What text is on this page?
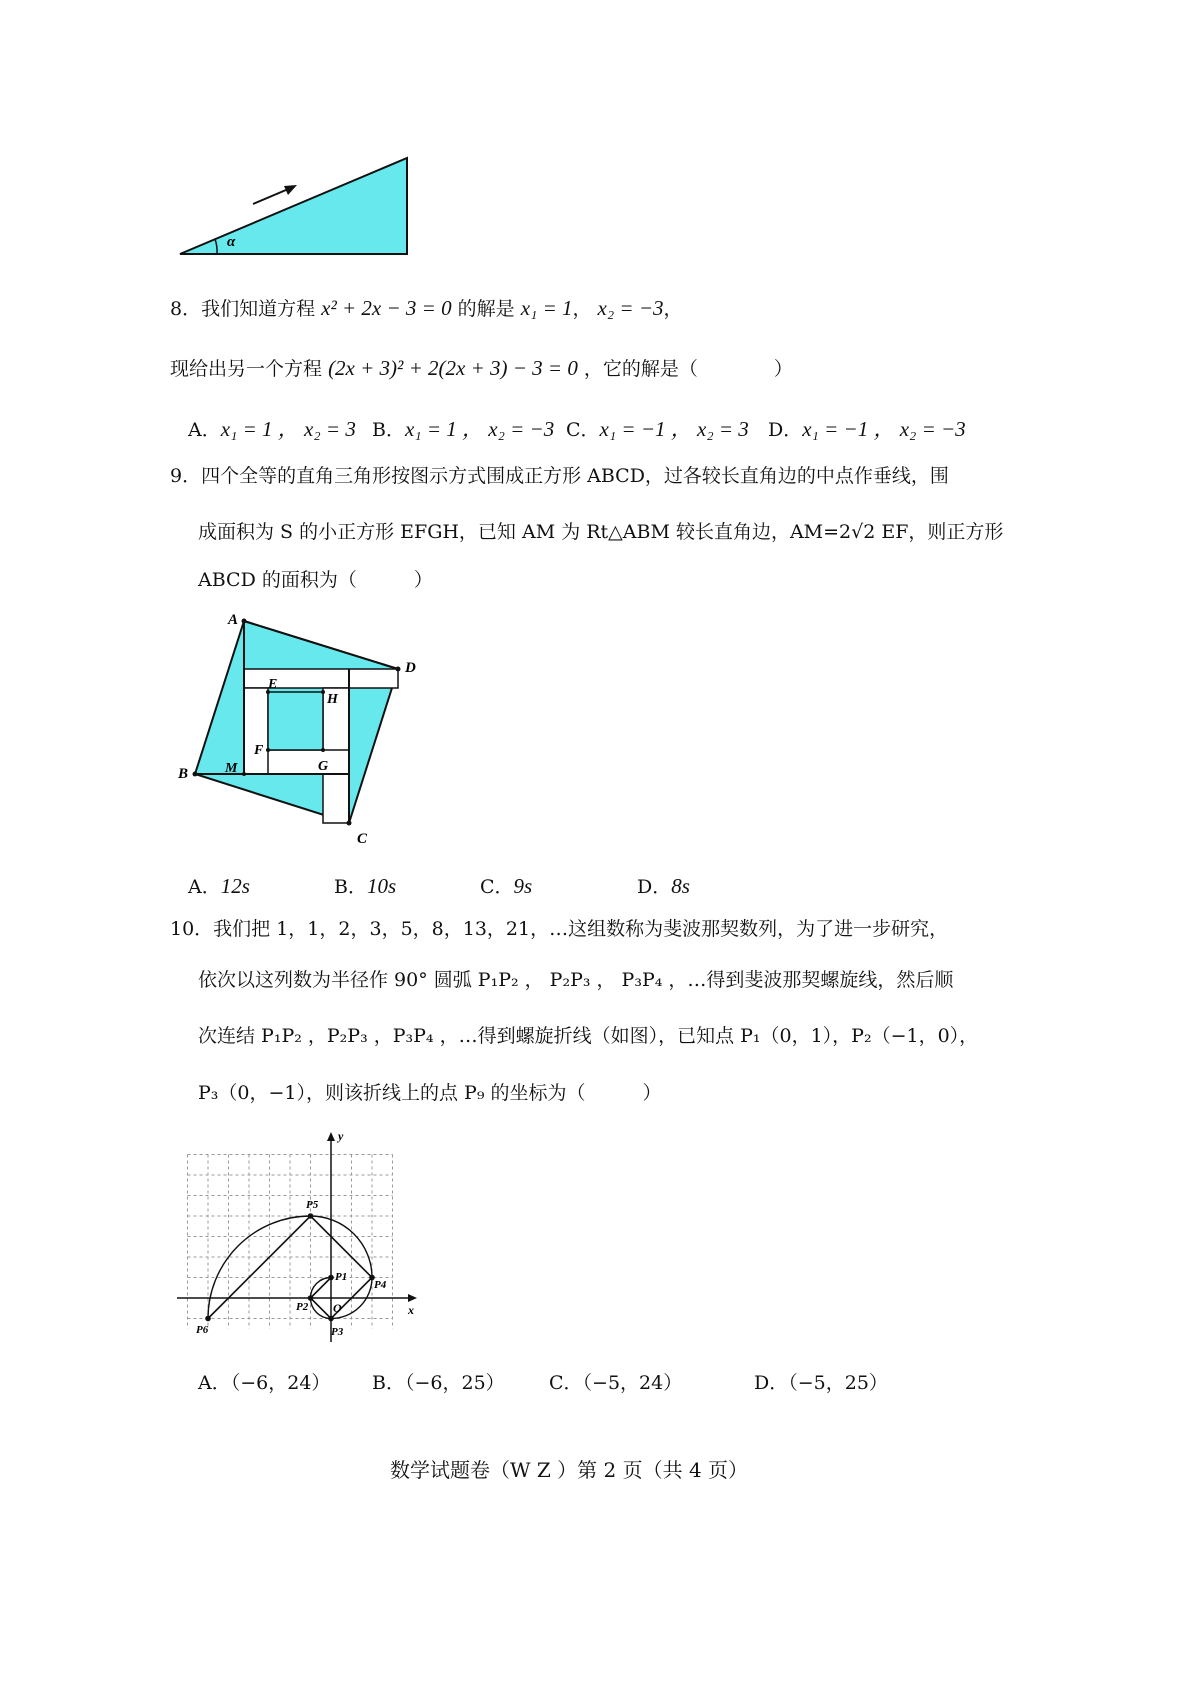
α
8．我们知道方程 x² + 2x − 3 = 0 的解是 x₁ = 1， x₂ = −3，
现给出另一个方程 (2x + 3)² + 2(2x + 3) − 3 = 0 ，它的解是（　　　　）
A．x₁ = 1 ， x₂ = 3 B．x₁ = 1 ， x₂ = −3 C．x₁ = −1 ， x₂ = 3 D．x₁ = −1 ， x₂ = −3
9．四个全等的直角三角形按图示方式围成正方形 ABCD，过各较长直角边的中点作垂线，围
成面积为 S 的小正方形 EFGH，已知 AM 为 Rt△ABM 较长直角边，AM=2√2 EF，则正方形
ABCD 的面积为（　　　）
A
D
C
B
E
H
F
G
M
A．12s	B．10s	C．9s	D．8s
10．我们把 1，1，2，3，5，8，13，21，…这组数称为斐波那契数列，为了进一步研究，
依次以这列数为半径作 90° 圆弧 P₁P₂ ， P₂P₃ ， P₃P₄ ，…得到斐波那契螺旋线，然后顺
次连结 P₁P₂ ，P₂P₃ ，P₃P₄ ，…得到螺旋折线（如图），已知点 P₁（0，1），P₂（−1，0），
P₃（0，−1），则该折线上的点 P₉ 的坐标为（　　　）
y
x
O
P1
P2
P3
P4
P5
P6
A．（−6，24） B．（−6，25） C．（−5，24）	D．（−5，25）
数学试题卷（W Z ）第 2 页（共 4 页）
